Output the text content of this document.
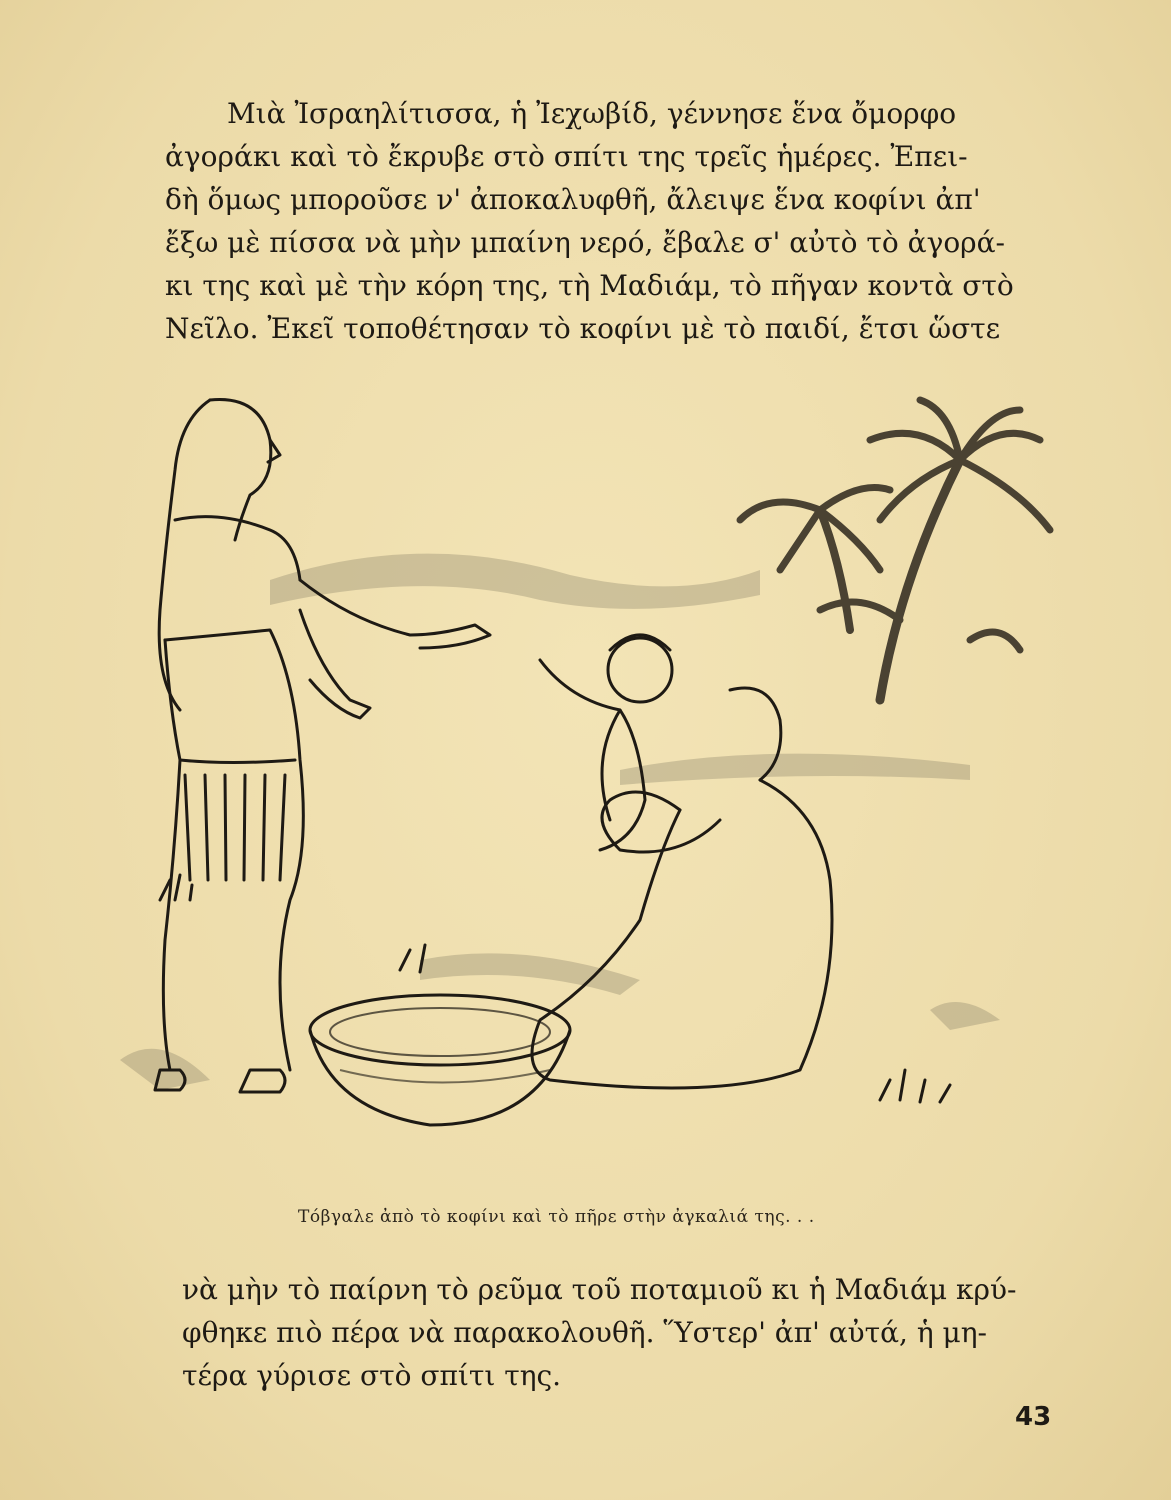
Μιὰ Ἰσραηλίτισσα, ἡ Ἰεχωβίδ, γέννησε ἕνα ὄμορφο
ἀγοράκι καὶ τὸ ἔκρυβε στὸ σπίτι της τρεῖς ἡμέρες. Ἐπει-
δὴ ὅμως μποροῦσε ν' ἀποκαλυφθῆ, ἄλειψε ἕνα κοφίνι ἀπ'
ἔξω μὲ πίσσα νὰ μὴν μπαίνη νερό, ἔβαλε σ' αὐτὸ τὸ ἀγορά-
κι της καὶ μὲ τὴν κόρη της, τὴ Μαδιάμ, τὸ πῆγαν κοντὰ στὸ
Νεῖλο. Ἐκεῖ τοποθέτησαν τὸ κοφίνι μὲ τὸ παιδί, ἔτσι ὥστε

Τόβγαλε ἀπὸ τὸ κοφίνι καὶ τὸ πῆρε στὴν ἀγκαλιά της. . .

νὰ μὴν τὸ παίρνη τὸ ρεῦμα τοῦ ποταμιοῦ κι ἡ Μαδιάμ κρύ-
φθηκε πιὸ πέρα νὰ παρακολουθῆ. Ὕστερ' ἀπ' αὐτά, ἡ μη-
τέρα γύρισε στὸ σπίτι της.

43
